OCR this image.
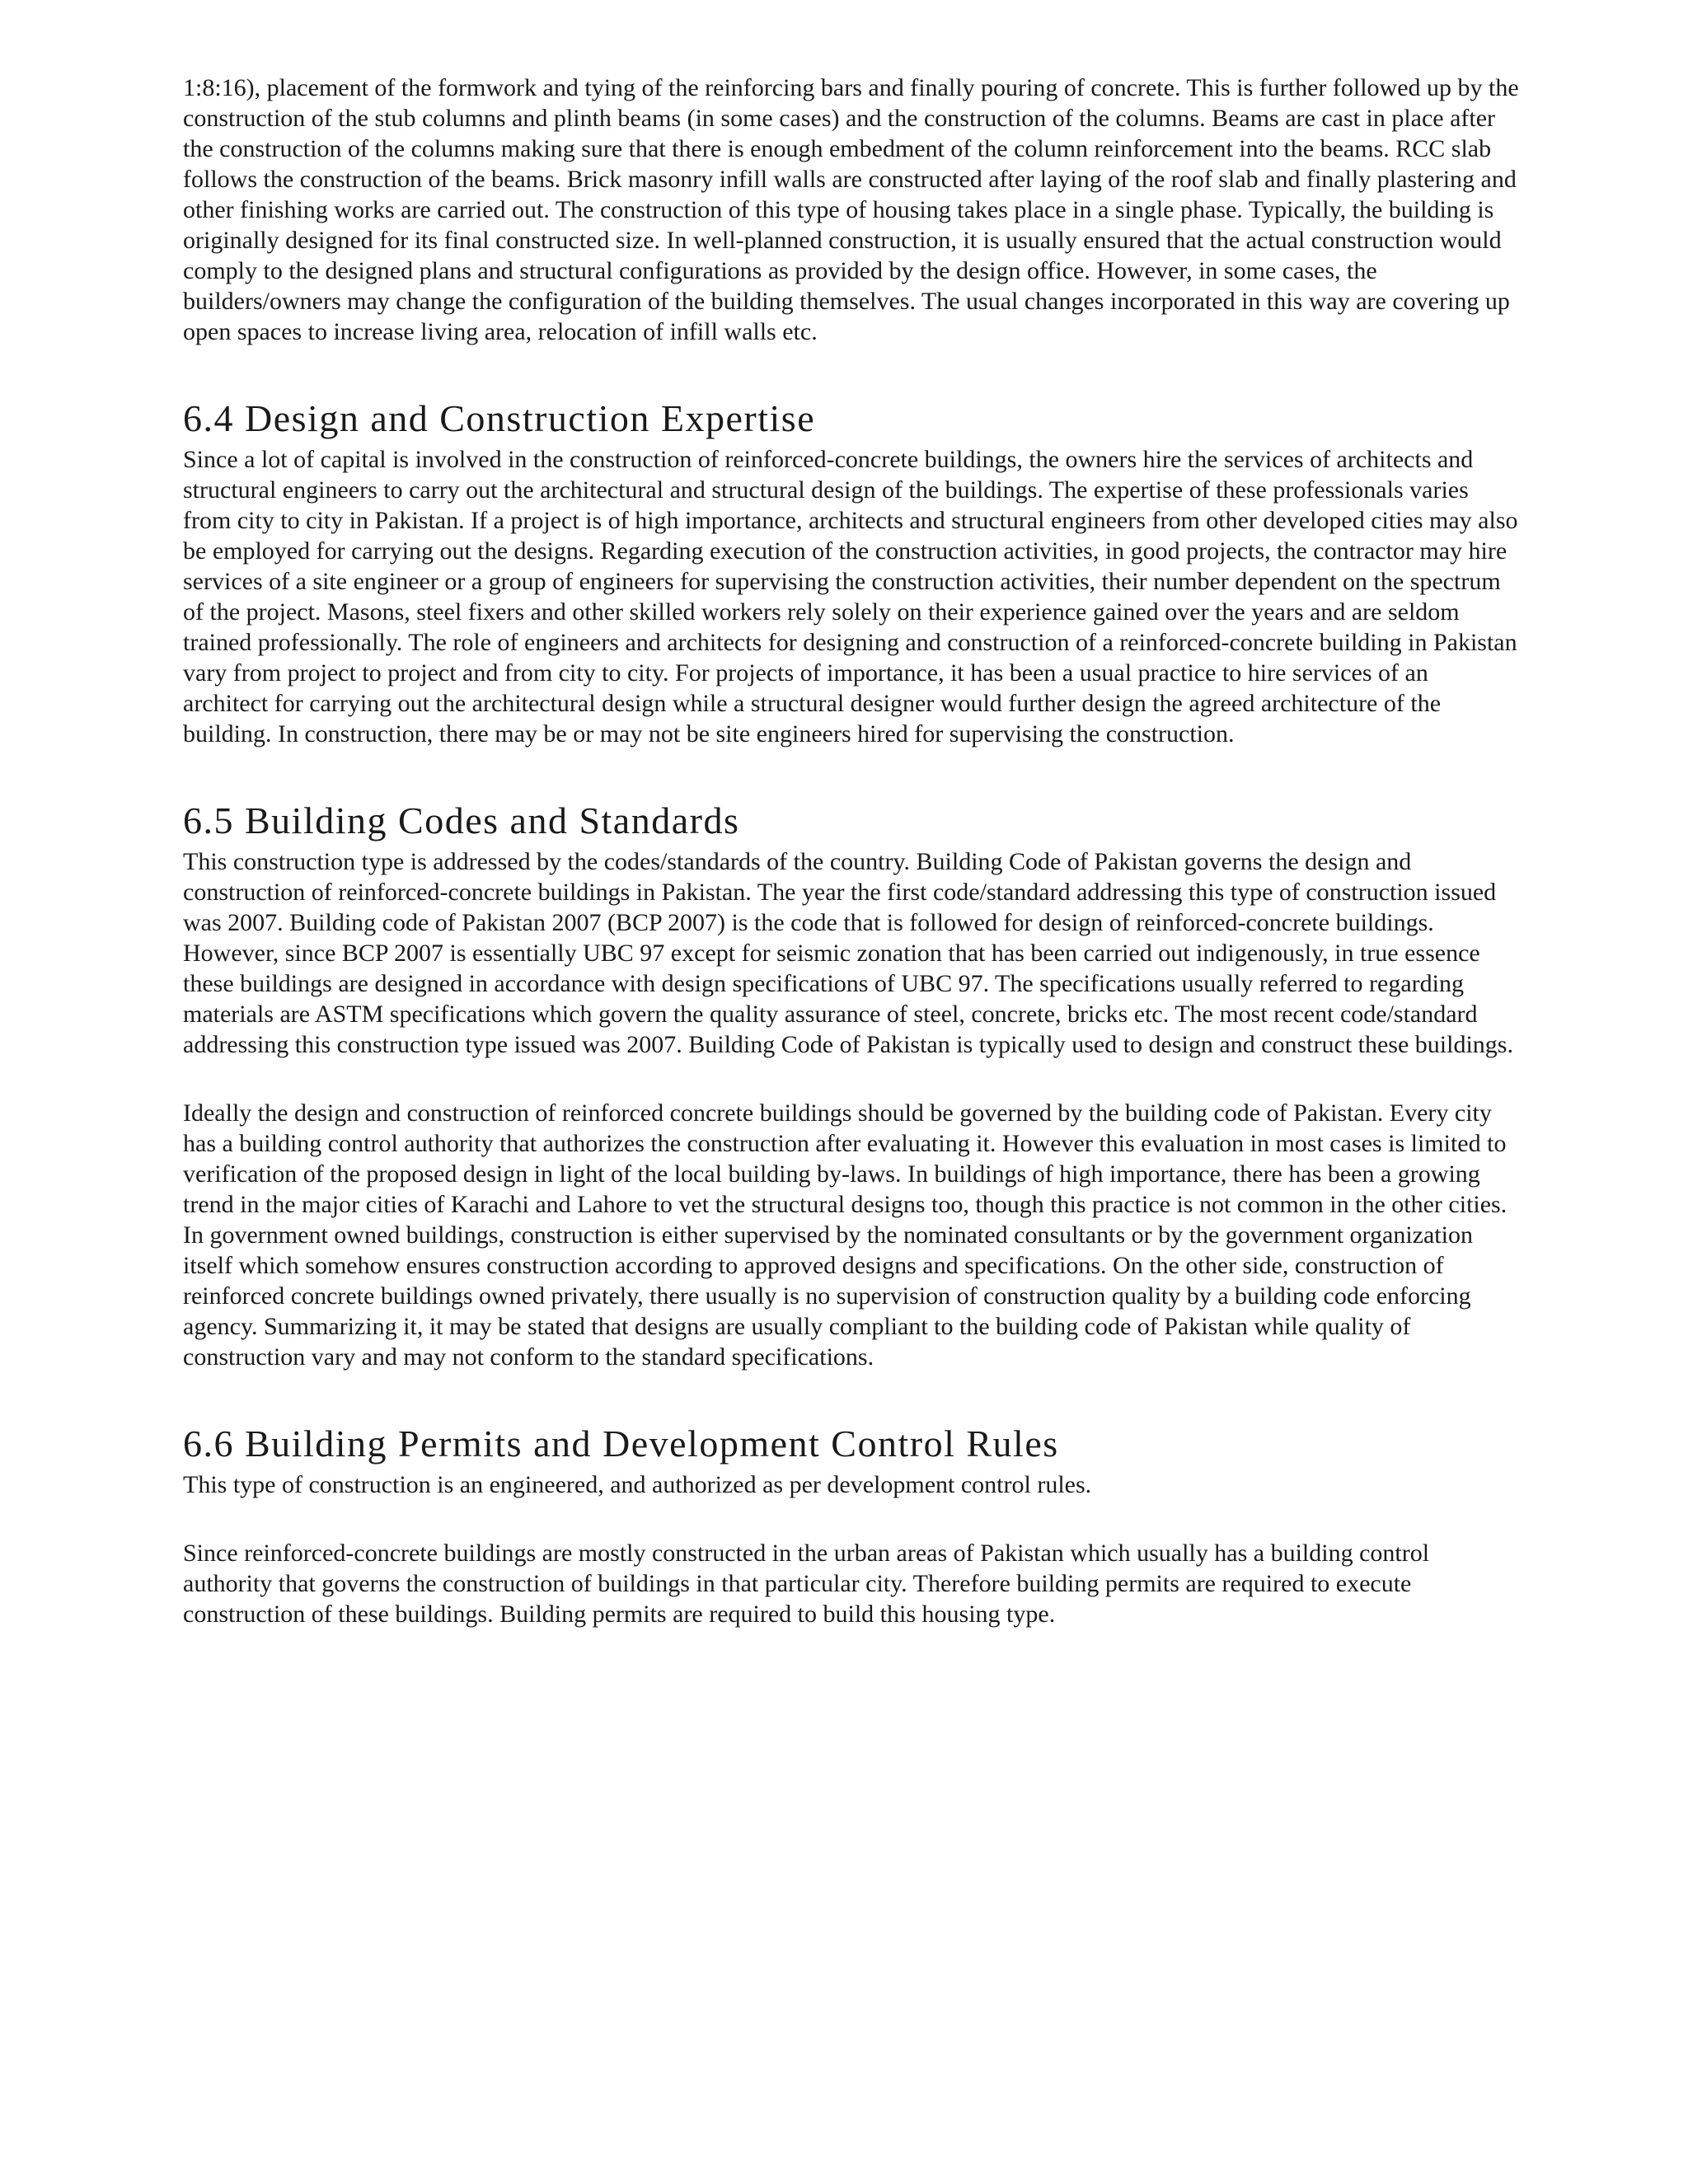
1:8:16), placement of the formwork and tying of the reinforcing bars and finally pouring of concrete. This is further followed up by the construction of the stub columns and plinth beams (in some cases) and the construction of the columns. Beams are cast in place after the construction of the columns making sure that there is enough embedment of the column reinforcement into the beams. RCC slab follows the construction of the beams. Brick masonry infill walls are constructed after laying of the roof slab and finally plastering and other finishing works are carried out. The construction of this type of housing takes place in a single phase. Typically, the building is originally designed for its final constructed size. In well-planned construction, it is usually ensured that the actual construction would comply to the designed plans and structural configurations as provided by the design office. However, in some cases, the builders/owners may change the configuration of the building themselves. The usual changes incorporated in this way are covering up open spaces to increase living area, relocation of infill walls etc.

6.4 Design and Construction Expertise

Since a lot of capital is involved in the construction of reinforced-concrete buildings, the owners hire the services of architects and structural engineers to carry out the architectural and structural design of the buildings. The expertise of these professionals varies from city to city in Pakistan. If a project is of high importance, architects and structural engineers from other developed cities may also be employed for carrying out the designs. Regarding execution of the construction activities, in good projects, the contractor may hire services of a site engineer or a group of engineers for supervising the construction activities, their number dependent on the spectrum of the project. Masons, steel fixers and other skilled workers rely solely on their experience gained over the years and are seldom trained professionally. The role of engineers and architects for designing and construction of a reinforced-concrete building in Pakistan vary from project to project and from city to city. For projects of importance, it has been a usual practice to hire services of an architect for carrying out the architectural design while a structural designer would further design the agreed architecture of the building. In construction, there may be or may not be site engineers hired for supervising the construction.

6.5 Building Codes and Standards

This construction type is addressed by the codes/standards of the country. Building Code of Pakistan governs the design and construction of reinforced-concrete buildings in Pakistan. The year the first code/standard addressing this type of construction issued was 2007. Building code of Pakistan 2007 (BCP 2007) is the code that is followed for design of reinforced-concrete buildings. However, since BCP 2007 is essentially UBC 97 except for seismic zonation that has been carried out indigenously, in true essence these buildings are designed in accordance with design specifications of UBC 97. The specifications usually referred to regarding materials are ASTM specifications which govern the quality assurance of steel, concrete, bricks etc. The most recent code/standard addressing this construction type issued was 2007. Building Code of Pakistan is typically used to design and construct these buildings.

Ideally the design and construction of reinforced concrete buildings should be governed by the building code of Pakistan. Every city has a building control authority that authorizes the construction after evaluating it. However this evaluation in most cases is limited to verification of the proposed design in light of the local building by-laws. In buildings of high importance, there has been a growing trend in the major cities of Karachi and Lahore to vet the structural designs too, though this practice is not common in the other cities. In government owned buildings, construction is either supervised by the nominated consultants or by the government organization itself which somehow ensures construction according to approved designs and specifications. On the other side, construction of reinforced concrete buildings owned privately, there usually is no supervision of construction quality by a building code enforcing agency. Summarizing it, it may be stated that designs are usually compliant to the building code of Pakistan while quality of construction vary and may not conform to the standard specifications.

6.6 Building Permits and Development Control Rules

This type of construction is an engineered, and authorized as per development control rules.

Since reinforced-concrete buildings are mostly constructed in the urban areas of Pakistan which usually has a building control authority that governs the construction of buildings in that particular city. Therefore building permits are required to execute construction of these buildings. Building permits are required to build this housing type.
